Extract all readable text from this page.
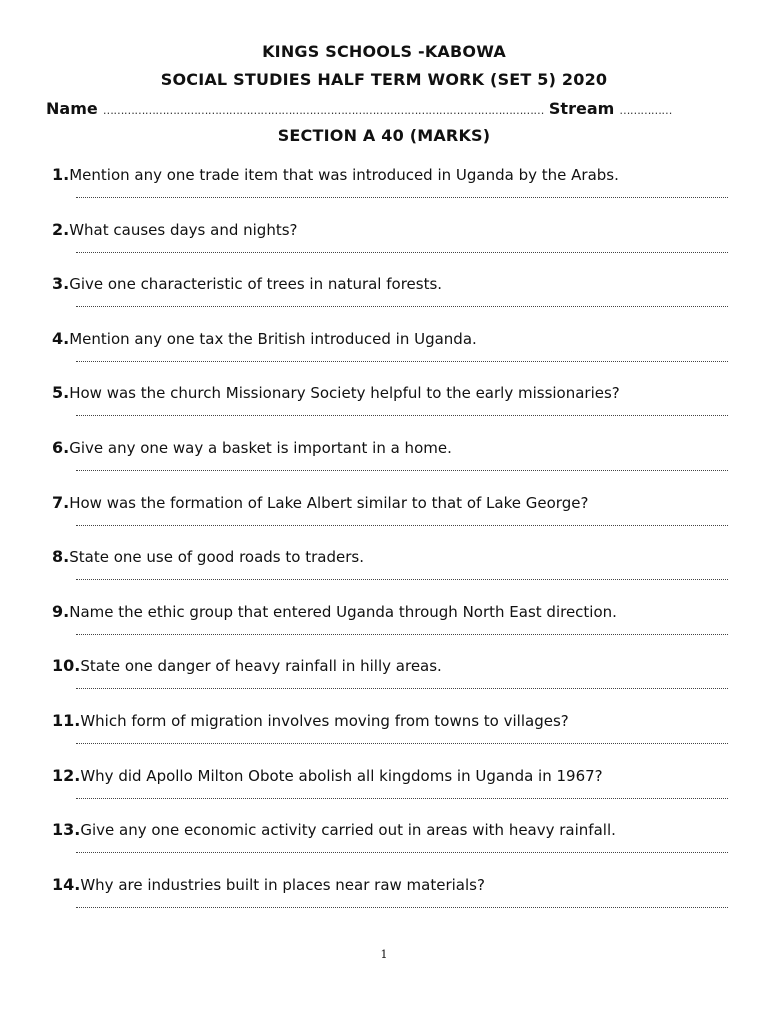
KINGS SCHOOLS -KABOWA
SOCIAL STUDIES HALF TERM WORK (SET 5) 2020
Name ……………………………………………………………………………………………………………… Stream ……………
SECTION A 40 (MARKS)
1.Mention any one trade item that was introduced in Uganda by the Arabs.
2.What causes days and nights?
3.Give one characteristic of trees in natural forests.
4.Mention any one tax the British introduced in Uganda.
5.How was the church Missionary Society helpful to the early missionaries?
6.Give any one way a basket is important in a home.
7.How was the formation of Lake Albert similar to that of Lake George?
8.State one use of good roads to traders.
9.Name the ethic group that entered Uganda through North East direction.
10.State one danger of heavy rainfall in hilly areas.
11.Which form of migration involves moving from towns to villages?
12.Why did Apollo Milton Obote abolish all kingdoms in Uganda in 1967?
13.Give any one economic activity carried out in areas with heavy rainfall.
14.Why are industries built in places near raw materials?
1
